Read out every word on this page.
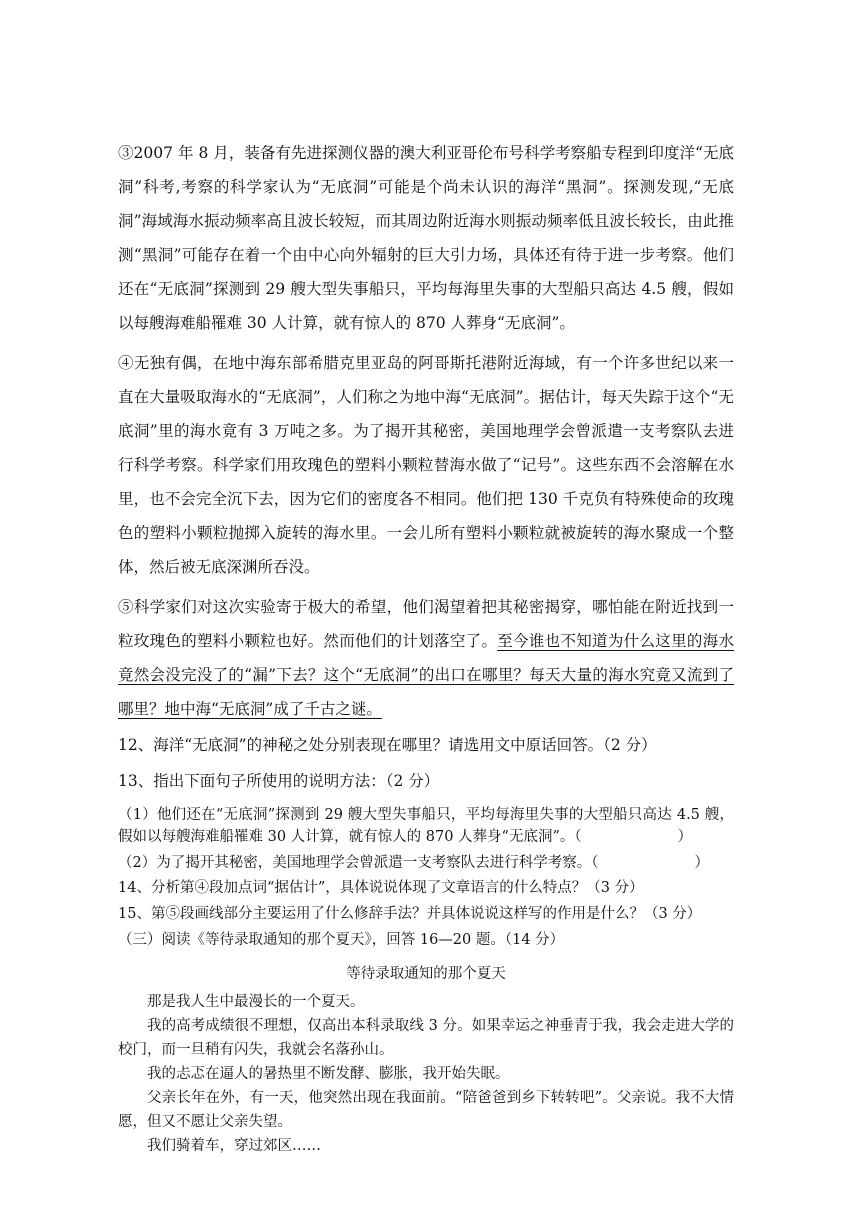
③2007 年 8 月，装备有先进探测仪器的澳大利亚哥伦布号科学考察船专程到印度洋“无底洞”科考,考察的科学家认为“无底洞”可能是个尚未认识的海洋“黑洞”。探测发现,“无底洞”海域海水振动频率高且波长较短，而其周边附近海水则振动频率低且波长较长，由此推测“黑洞”可能存在着一个由中心向外辐射的巨大引力场，具体还有待于进一步考察。他们还在“无底洞”探测到 29 艘大型失事船只，平均每海里失事的大型船只高达 4.5 艘，假如以每艘海难船罹难 30 人计算，就有惊人的 870 人葬身“无底洞”。

④无独有偶，在地中海东部希腊克里亚岛的阿哥斯托港附近海域，有一个许多世纪以来一直在大量吸取海水的“无底洞”，人们称之为地中海“无底洞”。据估计，每天失踪于这个“无底洞”里的海水竟有 3 万吨之多。为了揭开其秘密，美国地理学会曾派遣一支考察队去进行科学考察。科学家们用玫瑰色的塑料小颗粒替海水做了“记号”。这些东西不会溶解在水里，也不会完全沉下去，因为它们的密度各不相同。他们把 130 千克负有特殊使命的玫瑰色的塑料小颗粒抛掷入旋转的海水里。一会儿所有塑料小颗粒就被旋转的海水聚成一个整体，然后被无底深渊所吞没。

⑤科学家们对这次实验寄于极大的希望，他们渴望着把其秘密揭穿，哪怕能在附近找到一粒玫瑰色的塑料小颗粒也好。然而他们的计划落空了。至今谁也不知道为什么这里的海水竟然会没完没了的“漏”下去？这个“无底洞”的出口在哪里？每天大量的海水究竟又流到了哪里？地中海“无底洞”成了千古之谜。

12、海洋“无底洞”的神秘之处分别表现在哪里？请选用文中原话回答。（2 分）

13、指出下面句子所使用的说明方法：（2 分）

（1）他们还在“无底洞”探测到 29 艘大型失事船只，平均每海里失事的大型船只高达 4.5 艘，假如以每艘海难船罹难 30 人计算，就有惊人的 870 人葬身“无底洞”。（	）

（2）为了揭开其秘密，美国地理学会曾派遣一支考察队去进行科学考察。（	）

14、分析第④段加点词“据估计”，具体说说体现了文章语言的什么特点？（3 分）

15、第⑤段画线部分主要运用了什么修辞手法？并具体说说这样写的作用是什么？（3 分）

（三）阅读《等待录取通知的那个夏天》，回答 16—20 题。（14 分）

等待录取通知的那个夏天

那是我人生中最漫长的一个夏天。

我的高考成绩很不理想，仅高出本科录取线 3 分。如果幸运之神垂青于我，我会走进大学的校门，而一旦稍有闪失，我就会名落孙山。

我的忐忑在逼人的暑热里不断发酵、膨胀，我开始失眠。

父亲长年在外，有一天，他突然出现在我面前。“陪爸爸到乡下转转吧”。父亲说。我不大情愿，但又不愿让父亲失望。

我们骑着车，穿过郊区……
